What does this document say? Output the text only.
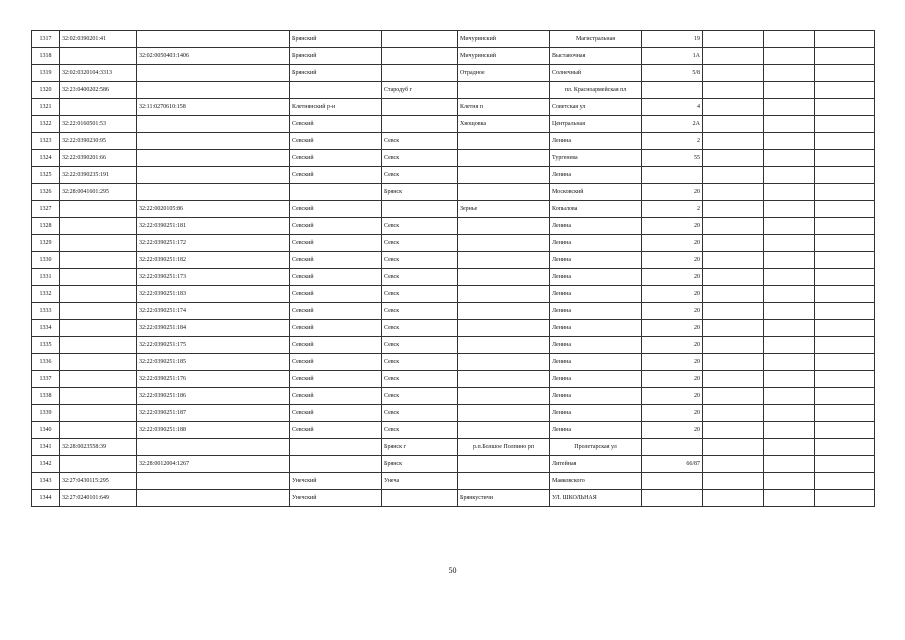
1317	32:02:0390201:41		Брянский		Мичуринский	Магистральная	19			
1318		32:02:0050403:1406	Брянский		Мичуринский	Выставочная	1А			
1319	32:02:0320104:3313		Брянский		Отрадное	Солнечный	5/8			
1320	32:23:0400202:586			Стародуб г		пл. Красноармейская пл				
1321		32:11:0270610:158	Клетнянский р-н		Клетня п	Советская ул	4			
1322	32:22:0160501:53		Севский		Хвощовка	Центральная	2А			
1323	32:22:0390230:95		Севский	Севск		Ленина	2			
1324	32:22:0390201:66		Севский	Севск		Тургенева	55			
1325	32:22:0390235:191		Севский	Севск		Ленина				
1326	32:28:0041601:295			Брянск		Московский	20			
1327		32:22:0020105:86	Севский		Зернье	Копылова	2			
1328		32:22:0390251:181	Севский	Севск		Ленина	20			
1329		32:22:0390251:172	Севский	Севск		Ленина	20			
1330		32:22:0390251:182	Севский	Севск		Ленина	20			
1331		32:22:0390251:173	Севский	Севск		Ленина	20			
1332		32:22:0390251:183	Севский	Севск		Ленина	20			
1333		32:22:0390251:174	Севский	Севск		Ленина	20			
1334		32:22:0390251:184	Севский	Севск		Ленина	20			
1335		32:22:0390251:175	Севский	Севск		Ленина	20			
1336		32:22:0390251:185	Севский	Севск		Ленина	20			
1337		32:22:0390251:176	Севский	Севск		Ленина	20			
1338		32:22:0390251:186	Севский	Севск		Ленина	20			
1339		32:22:0390251:187	Севский	Севск		Ленина	20			
1340		32:22:0390251:188	Севский	Севск		Ленина	20			
1341	32:28:0023558:39			Брянск г	р.п.Болшое Полпино рп	Пролетарская ул				
1342		32:28:0012004:1267		Брянск		Литейная	66/87			
1343	32:27:0430115:295		Унечский	Унеча		Маяковского				
1344	32:27:0240101:649		Унечский		Брянкустичи	УЛ. ШКОЛЬНАЯ				
50
